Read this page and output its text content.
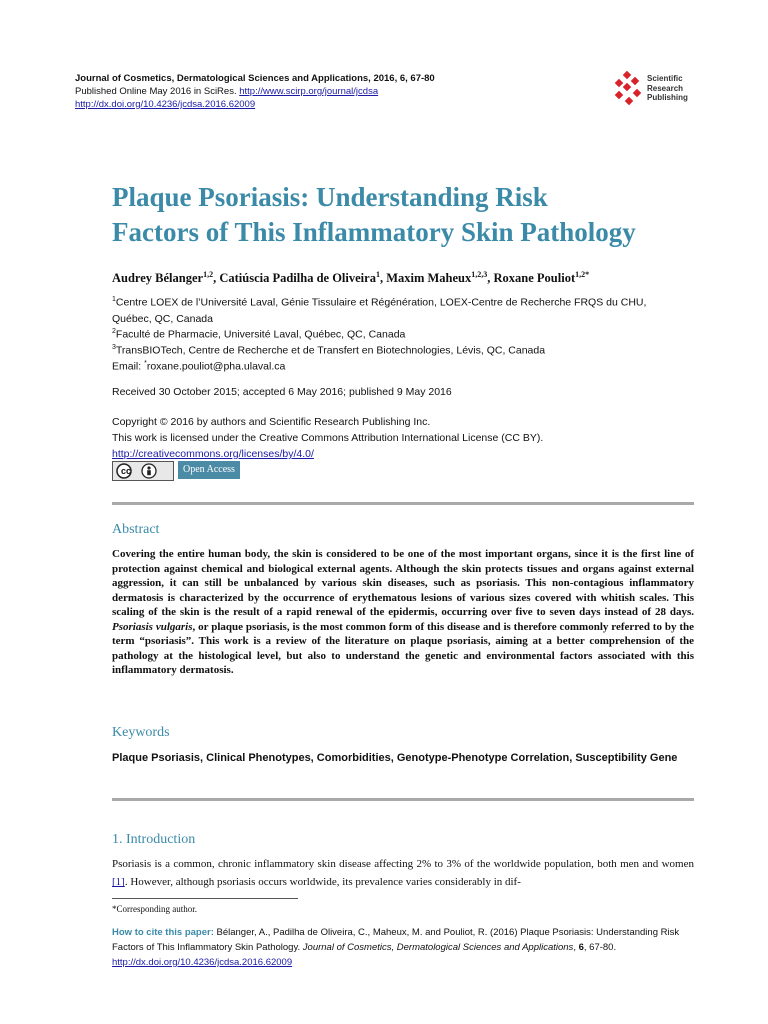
Journal of Cosmetics, Dermatological Sciences and Applications, 2016, 6, 67-80
Published Online May 2016 in SciRes. http://www.scirp.org/journal/jcdsa
http://dx.doi.org/10.4236/jcdsa.2016.62009
Scientific
Research
Publishing
Plaque Psoriasis: Understanding Risk
Factors of This Inflammatory Skin Pathology
Audrey Bélanger$^{1,2}$, Catiúscia Padilha de Oliveira$^1$, Maxim Maheux$^{1,2,3}$, Roxane Pouliot$^{1,2*}$
$^1$Centre LOEX de l’Université Laval, Génie Tissulaire et Régénération, LOEX-Centre de Recherche FRQS du CHU,
Québec, QC, Canada
$^2$Faculté de Pharmacie, Université Laval, Québec, QC, Canada
$^3$TransBIOTech, Centre de Recherche et de Transfert en Biotechnologies, Lévis, QC, Canada
Email: *roxane.pouliot@pha.ulaval.ca
Received 30 October 2015; accepted 6 May 2016; published 9 May 2016
Copyright © 2016 by authors and Scientific Research Publishing Inc.
This work is licensed under the Creative Commons Attribution International License (CC BY).
http://creativecommons.org/licenses/by/4.0/
cc	Open Access
Abstract
Covering the entire human body, the skin is considered to be one of the most important organs, since it is the first line of protection against chemical and biological external agents. Although the skin protects tissues and organs against external aggression, it can still be unbalanced by various skin diseases, such as psoriasis. This non-contagious inflammatory dermatosis is characterized by the occurrence of erythematous lesions of various sizes covered with whitish scales. This scaling of the skin is the result of a rapid renewal of the epidermis, occurring over five to seven days instead of 28 days. Psoriasis vulgaris, or plaque psoriasis, is the most common form of this disease and is therefore commonly referred to by the term “psoriasis”. This work is a review of the literature on plaque psoriasis, aiming at a better comprehension of the pathology at the histological level, but also to understand the genetic and environmental factors associated with this inflammatory dermatosis.
Keywords
Plaque Psoriasis, Clinical Phenotypes, Comorbidities, Genotype-Phenotype Correlation, Susceptibility Gene
1. Introduction
Psoriasis is a common, chronic inflammatory skin disease affecting 2% to 3% of the worldwide population, both men and women [1]. However, although psoriasis occurs worldwide, its prevalence varies considerably in dif-
*Corresponding author.
How to cite this paper: Bélanger, A., Padilha de Oliveira, C., Maheux, M. and Pouliot, R. (2016) Plaque Psoriasis: Understanding Risk Factors of This Inflammatory Skin Pathology. Journal of Cosmetics, Dermatological Sciences and Applications, 6, 67-80. http://dx.doi.org/10.4236/jcdsa.2016.62009
